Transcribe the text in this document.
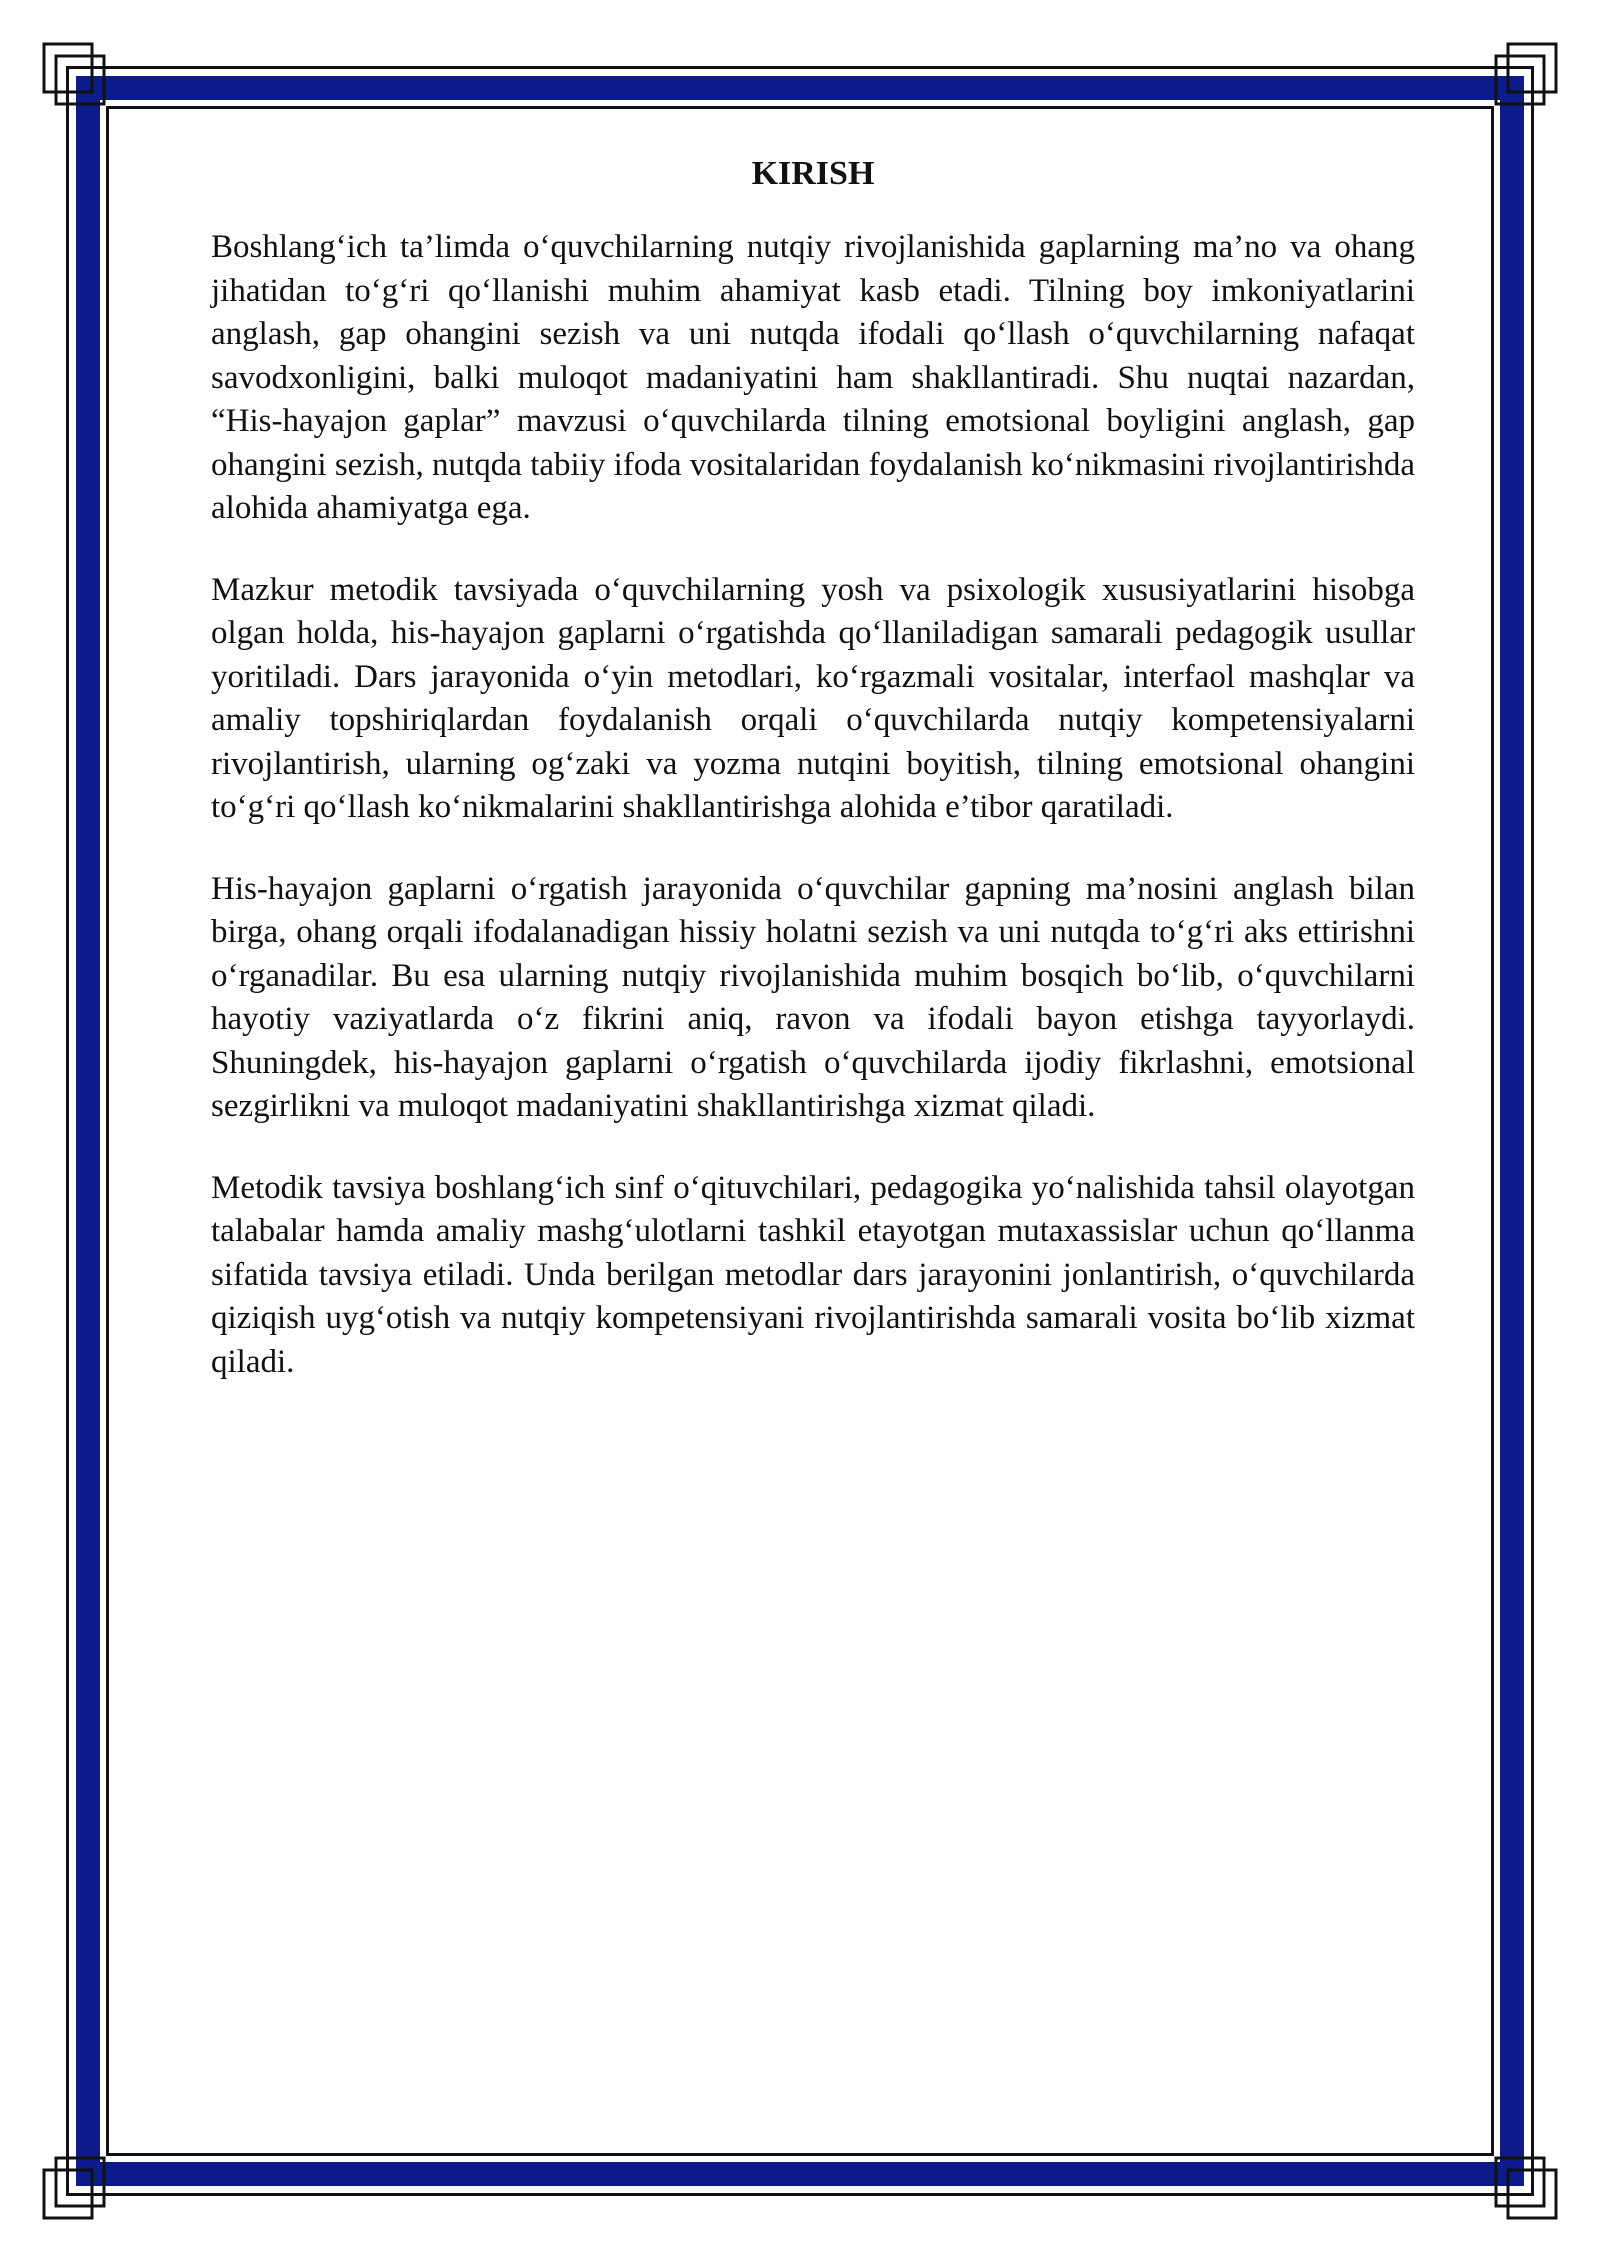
KIRISH

Boshlang‘ich ta’limda o‘quvchilarning nutqiy rivojlanishida gaplarning ma’no va ohang jihatidan to‘g‘ri qo‘llanishi muhim ahamiyat kasb etadi. Tilning boy imkoniyatlarini anglash, gap ohangini sezish va uni nutqda ifodali qo‘llash o‘quvchilarning nafaqat savodxonligini, balki muloqot madaniyatini ham shakllantiradi. Shu nuqtai nazardan, “His-hayajon gaplar” mavzusi o‘quvchilarda tilning emotsional boyligini anglash, gap ohangini sezish, nutqda tabiiy ifoda vositalaridan foydalanish ko‘nikmasini rivojlantirishda alohida ahamiyatga ega.

Mazkur metodik tavsiyada o‘quvchilarning yosh va psixologik xususiyatlarini hisobga olgan holda, his-hayajon gaplarni o‘rgatishda qo‘llaniladigan samarali pedagogik usullar yoritiladi. Dars jarayonida o‘yin metodlari, ko‘rgazmali vositalar, interfaol mashqlar va amaliy topshiriqlardan foydalanish orqali o‘quvchilarda nutqiy kompetensiyalarni rivojlantirish, ularning og‘zaki va yozma nutqini boyitish, tilning emotsional ohangini to‘g‘ri qo‘llash ko‘nikmalarini shakllantirishga alohida e’tibor qaratiladi.

His-hayajon gaplarni o‘rgatish jarayonida o‘quvchilar gapning ma’nosini anglash bilan birga, ohang orqali ifodalanadigan hissiy holatni sezish va uni nutqda to‘g‘ri aks ettirishni o‘rganadilar. Bu esa ularning nutqiy rivojlanishida muhim bosqich bo‘lib, o‘quvchilarni hayotiy vaziyatlarda o‘z fikrini aniq, ravon va ifodali bayon etishga tayyorlaydi. Shuningdek, his-hayajon gaplarni o‘rgatish o‘quvchilarda ijodiy fikrlashni, emotsional sezgirlikni va muloqot madaniyatini shakllantirishga xizmat qiladi.

Metodik tavsiya boshlang‘ich sinf o‘qituvchilari, pedagogika yo‘nalishida tahsil olayotgan talabalar hamda amaliy mashg‘ulotlarni tashkil etayotgan mutaxassislar uchun qo‘llanma sifatida tavsiya etiladi. Unda berilgan metodlar dars jarayonini jonlantirish, o‘quvchilarda qiziqish uyg‘otish va nutqiy kompetensiyani rivojlantirishda samarali vosita bo‘lib xizmat qiladi.
